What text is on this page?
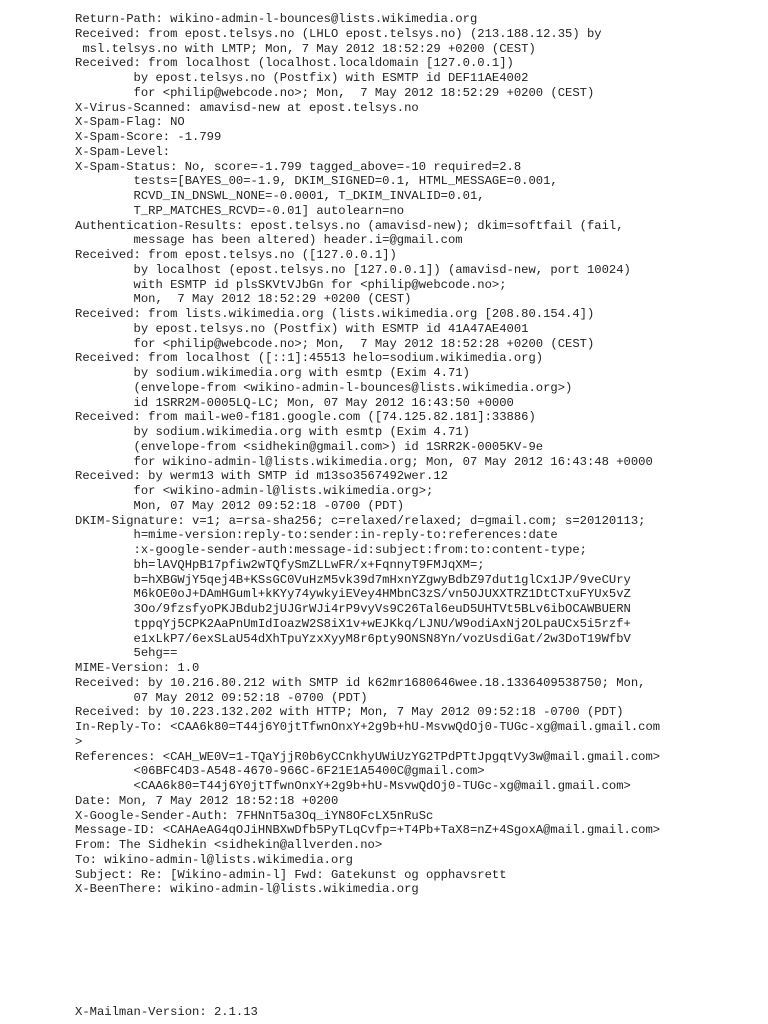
Return-Path: wikino-admin-l-bounces@lists.wikimedia.org
Received: from epost.telsys.no (LHLO epost.telsys.no) (213.188.12.35) by
msl.telsys.no with LMTP; Mon, 7 May 2012 18:52:29 +0200 (CEST)
Received: from localhost (localhost.localdomain [127.0.0.1])
by epost.telsys.no (Postfix) with ESMTP id DEF11AE4002
for <philip@webcode.no>; Mon,  7 May 2012 18:52:29 +0200 (CEST)
X-Virus-Scanned: amavisd-new at epost.telsys.no
X-Spam-Flag: NO
X-Spam-Score: -1.799
X-Spam-Level:
X-Spam-Status: No, score=-1.799 tagged_above=-10 required=2.8
tests=[BAYES_00=-1.9, DKIM_SIGNED=0.1, HTML_MESSAGE=0.001,
RCVD_IN_DNSWL_NONE=-0.0001, T_DKIM_INVALID=0.01,
T_RP_MATCHES_RCVD=-0.01] autolearn=no
Authentication-Results: epost.telsys.no (amavisd-new); dkim=softfail (fail,
message has been altered) header.i=@gmail.com
Received: from epost.telsys.no ([127.0.0.1])
by localhost (epost.telsys.no [127.0.0.1]) (amavisd-new, port 10024)
with ESMTP id plsSKVtVJbGn for <philip@webcode.no>;
Mon,  7 May 2012 18:52:29 +0200 (CEST)
Received: from lists.wikimedia.org (lists.wikimedia.org [208.80.154.4])
by epost.telsys.no (Postfix) with ESMTP id 41A47AE4001
for <philip@webcode.no>; Mon,  7 May 2012 18:52:28 +0200 (CEST)
Received: from localhost ([::1]:45513 helo=sodium.wikimedia.org)
by sodium.wikimedia.org with esmtp (Exim 4.71)
(envelope-from <wikino-admin-l-bounces@lists.wikimedia.org>)
id 1SRR2M-0005LQ-LC; Mon, 07 May 2012 16:43:50 +0000
Received: from mail-we0-f181.google.com ([74.125.82.181]:33886)
by sodium.wikimedia.org with esmtp (Exim 4.71)
(envelope-from <sidhekin@gmail.com>) id 1SRR2K-0005KV-9e
for wikino-admin-l@lists.wikimedia.org; Mon, 07 May 2012 16:43:48 +0000
Received: by werm13 with SMTP id m13so3567492wer.12
for <wikino-admin-l@lists.wikimedia.org>;
Mon, 07 May 2012 09:52:18 -0700 (PDT)
DKIM-Signature: v=1; a=rsa-sha256; c=relaxed/relaxed; d=gmail.com; s=20120113;
h=mime-version:reply-to:sender:in-reply-to:references:date
:x-google-sender-auth:message-id:subject:from:to:content-type;
bh=lAVQHpB17pfiw2wTQfySmZLLwFR/x+FqnnyT9FMJqXM=;
b=hXBGWjY5qej4B+KSsGC0VuHzM5vk39d7mHxnYZgwyBdbZ97dut1glCx1JP/9veCUry
M6kOE0oJ+DAmHGuml+kKYy74ywkyiEVey4HMbnC3zS/vn5OJUXXTRZ1DtCTxuFYUx5vZ
3Oo/9fzsfyoPKJBdub2jUJGrWJi4rP9vyVs9C26Tal6euD5UHTVt5BLv6ibOCAWBUERN
tppqYj5CPK2AaPnUmIdIoazW2S8iX1v+wEJKkq/LJNU/W9odiAxNj2OLpaUCx5i5rzf+
e1xLkP7/6exSLaU54dXhTpuYzxXyyM8r6pty9ONSN8Yn/vozUsdiGat/2w3DoT19WfbV
5ehg==
MIME-Version: 1.0
Received: by 10.216.80.212 with SMTP id k62mr1680646wee.18.1336409538750; Mon,
07 May 2012 09:52:18 -0700 (PDT)
Received: by 10.223.132.202 with HTTP; Mon, 7 May 2012 09:52:18 -0700 (PDT)
In-Reply-To: <CAA6k80=T44j6Y0jtTfwnOnxY+2g9b+hU-MsvwQdOj0-TUGc-xg@mail.gmail.com
>
References: <CAH_WE0V=1-TQaYjjR0b6yCCnkhyUWiUzYG2TPdPTtJpgqtVy3w@mail.gmail.com>
<06BFC4D3-A548-4670-966C-6F21E1A5400C@gmail.com>
<CAA6k80=T44j6Y0jtTfwnOnxY+2g9b+hU-MsvwQdOj0-TUGc-xg@mail.gmail.com>
Date: Mon, 7 May 2012 18:52:18 +0200
X-Google-Sender-Auth: 7FHNnT5a3Oq_iYN8OFcLX5nRuSc
Message-ID: <CAHAeAG4qOJiHNBXwDfb5PyTLqCvfp=+T4Pb+TaX8=nZ+4SgoxA@mail.gmail.com>
From: The Sidhekin <sidhekin@allverden.no>
To: wikino-admin-l@lists.wikimedia.org
Subject: Re: [Wikino-admin-l] Fwd: Gatekunst og opphavsrett
X-BeenThere: wikino-admin-l@lists.wikimedia.org
X-Mailman-Version: 2.1.13
